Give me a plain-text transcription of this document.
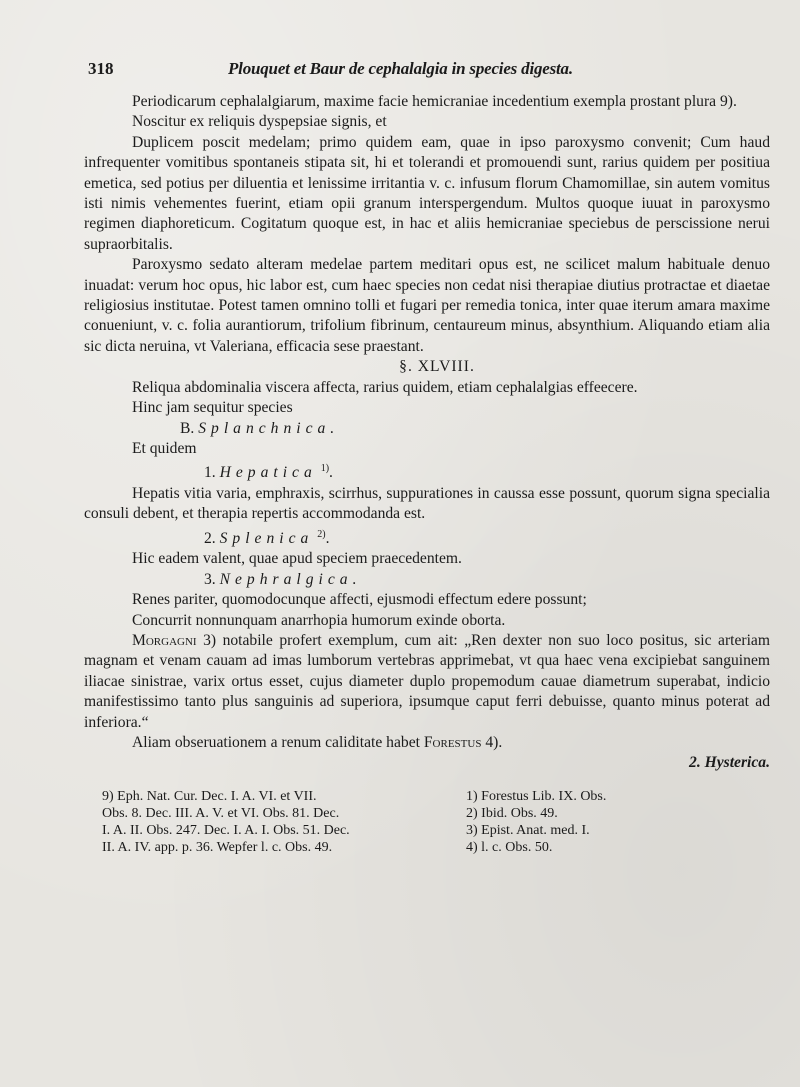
318	Plouquet et Baur de cephalalgia in species digesta.

Periodicarum cephalalgiarum, maxime facie hemicraniae incedentium exempla prostant plura 9).

Noscitur ex reliquis dyspepsiae signis, et

Duplicem poscit medelam; primo quidem eam, quae in ipso paroxysmo convenit; Cum haud infrequenter vomitibus spontaneis stipata sit, hi et tolerandi et promouendi sunt, rarius quidem per positiua emetica, sed potius per diluentia et lenissime irritantia v. c. infusum florum Chamomillae, sin autem vomitus isti nimis vehementes fuerint, etiam opii granum interspergendum. Multos quoque iuuat in paroxysmo regimen diaphoreticum. Cogitatum quoque est, in hac et aliis hemicraniae speciebus de perscissione nerui supraorbitalis.

Paroxysmo sedato alteram medelae partem meditari opus est, ne scilicet malum habituale denuo inuadat: verum hoc opus, hic labor est, cum haec species non cedat nisi therapiae diutius protractae et diaetae religiosius institutae. Potest tamen omnino tolli et fugari per remedia tonica, inter quae iterum amara maxime conueniunt, v. c. folia aurantiorum, trifolium fibrinum, centaureum minus, absynthium. Aliquando etiam alia sic dicta neruina, vt Valeriana, efficacia sese praestant.

§. XLVIII.

Reliqua abdominalia viscera affecta, rarius quidem, etiam cephalalgias effeecere.

Hinc jam sequitur species

B. Splanchnica.

Et quidem

1. Hepatica $^{1)}$.

Hepatis vitia varia, emphraxis, scirrhus, suppurationes in caussa esse possunt, quorum signa specialia consuli debent, et therapia repertis accommodanda est.

2. Splenica $^{2)}$.

Hic eadem valent, quae apud speciem praecedentem.

3. Nephralgica.

Renes pariter, quomodocunque affecti, ejusmodi effectum edere possunt;

Concurrit nonnunquam anarrhopia humorum exinde oborta.

Morgagni 3) notabile profert exemplum, cum ait: „Ren dexter non suo loco positus, sic arteriam magnam et venam cauam ad imas lumborum vertebras apprimebat, vt qua haec vena excipiebat sanguinem iliacae sinistrae, varix ortus esset, cujus diameter duplo propemodum cauae diametrum superabat, indicio manifestissimo tanto plus sanguinis ad superiora, ipsumque caput ferri debuisse, quanto minus poterat ad inferiora.“

Aliam obseruationem a renum caliditate habet Forestus 4).

2. Hysterica.

9) Eph. Nat. Cur. Dec. I. A. VI. et VII.

Obs. 8. Dec. III. A. V. et VI. Obs. 81. Dec.

I. A. II. Obs. 247. Dec. I. A. I. Obs. 51. Dec.

II. A. IV. app. p. 36. Wepfer l. c. Obs. 49.

1) Forestus Lib. IX. Obs.

2) Ibid. Obs. 49.

3) Epist. Anat. med. I.

4) l. c. Obs. 50.
